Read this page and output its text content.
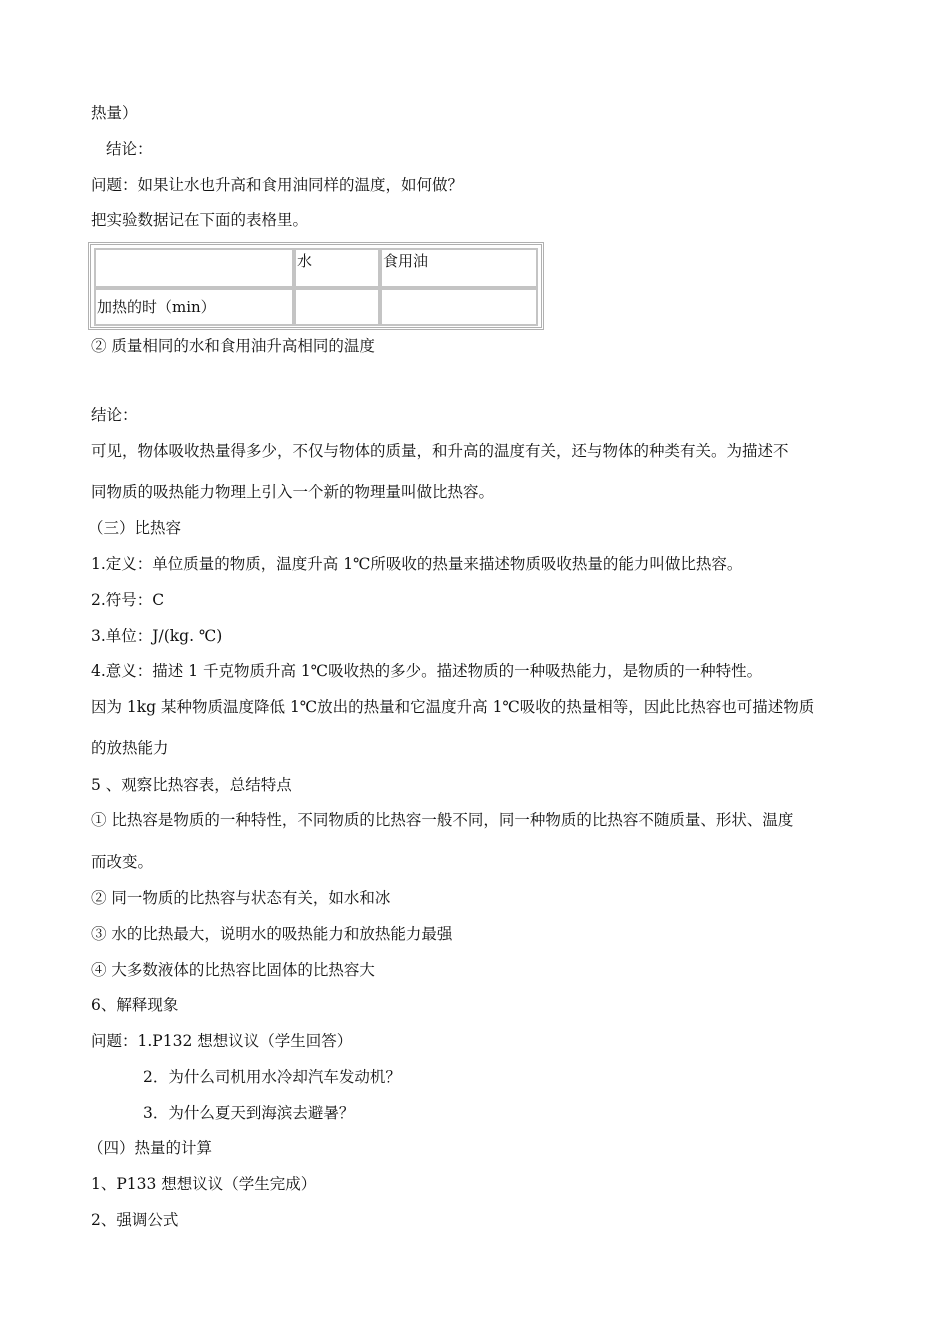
热量）
结论：
问题：如果让水也升高和食用油同样的温度，如何做？
把实验数据记在下面的表格里。
水	食用油
加热的时（min）
② 质量相同的水和食用油升高相同的温度
结论：
可见，物体吸收热量得多少，不仅与物体的质量，和升高的温度有关，还与物体的种类有关。为描述不
同物质的吸热能力物理上引入一个新的物理量叫做比热容。
（三）比热容
1.定义：单位质量的物质，温度升高 1℃所吸收的热量来描述物质吸收热量的能力叫做比热容。
2.符号：C
3.单位：J/(kg. ℃)
4.意义：描述 1 千克物质升高 1℃吸收热的多少。描述物质的一种吸热能力，是物质的一种特性。
因为 1kg 某种物质温度降低 1℃放出的热量和它温度升高 1℃吸收的热量相等，因此比热容也可描述物质
的放热能力
5 、观察比热容表，总结特点
① 比热容是物质的一种特性，不同物质的比热容一般不同，同一种物质的比热容不随质量、形状、温度
而改变。
② 同一物质的比热容与状态有关，如水和冰
③ 水的比热最大，说明水的吸热能力和放热能力最强
④ 大多数液体的比热容比固体的比热容大
6、解释现象
问题：1.P132 想想议议（学生回答）
2．为什么司机用水冷却汽车发动机？
3．为什么夏天到海滨去避暑？
（四）热量的计算
1、P133 想想议议（学生完成）
2、强调公式
